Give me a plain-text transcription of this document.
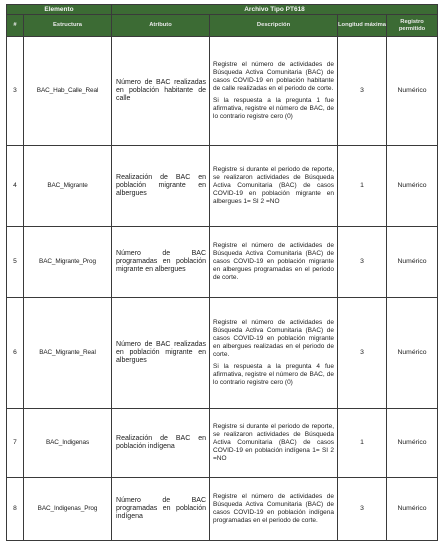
Elemento		Archivo Tipo PT618			
#	Estructura	Atributo	Descripción	Longitud máxima	Registro permitido
3	BAC_Hab_Calle_Real	Número de BAC realizadas en población habitante de calle	Registre el número de actividades de Búsqueda Activa Comunitaria (BAC) de casos COVID-19 en población habitante de calle realizadas en el periodo de corte.

Si la respuesta a la pregunta 1 fue afirmativa, registre el número de BAC, de lo contrario registre cero (0)	3	Numérico
4	BAC_Migrante	Realización de BAC en población migrante en albergues	Registre si durante el periodo de reporte, se realizaron actividades de Búsqueda Activa Comunitaria (BAC) de casos COVID-19 en población migrante en albergues 1= SI 2 =NO	1	Numérico
5	BAC_Migrante_Prog	Número de BAC programadas en población migrante en albergues	Registre el número de actividades de Búsqueda Activa Comunitaria (BAC) de casos COVID-19 en población migrante en albergues programadas en el periodo de corte.	3	Numérico
6	BAC_Migrante_Real	Número de BAC realizadas en población migrante en albergues	Registre el número de actividades de Búsqueda Activa Comunitaria (BAC) de casos COVID-19 en población migrante en albergues realizadas en el periodo de corte.

Si la respuesta a la pregunta 4 fue afirmativa, registre el número de BAC, de lo contrario registre cero (0)	3	Numérico
7	BAC_Indigenas	Realización de BAC en población indígena	Registre si durante el periodo de reporte, se realizaron actividades de Búsqueda Activa Comunitaria (BAC) de casos COVID-19 en población indígena 1= SI 2 =NO	1	Numérico
8	BAC_Indigenas_Prog	Número de BAC programadas en población indígena	Registre el número de actividades de Búsqueda Activa Comunitaria (BAC) de casos COVID-19 en población indígena programadas en el periodo de corte.	3	Numérico
